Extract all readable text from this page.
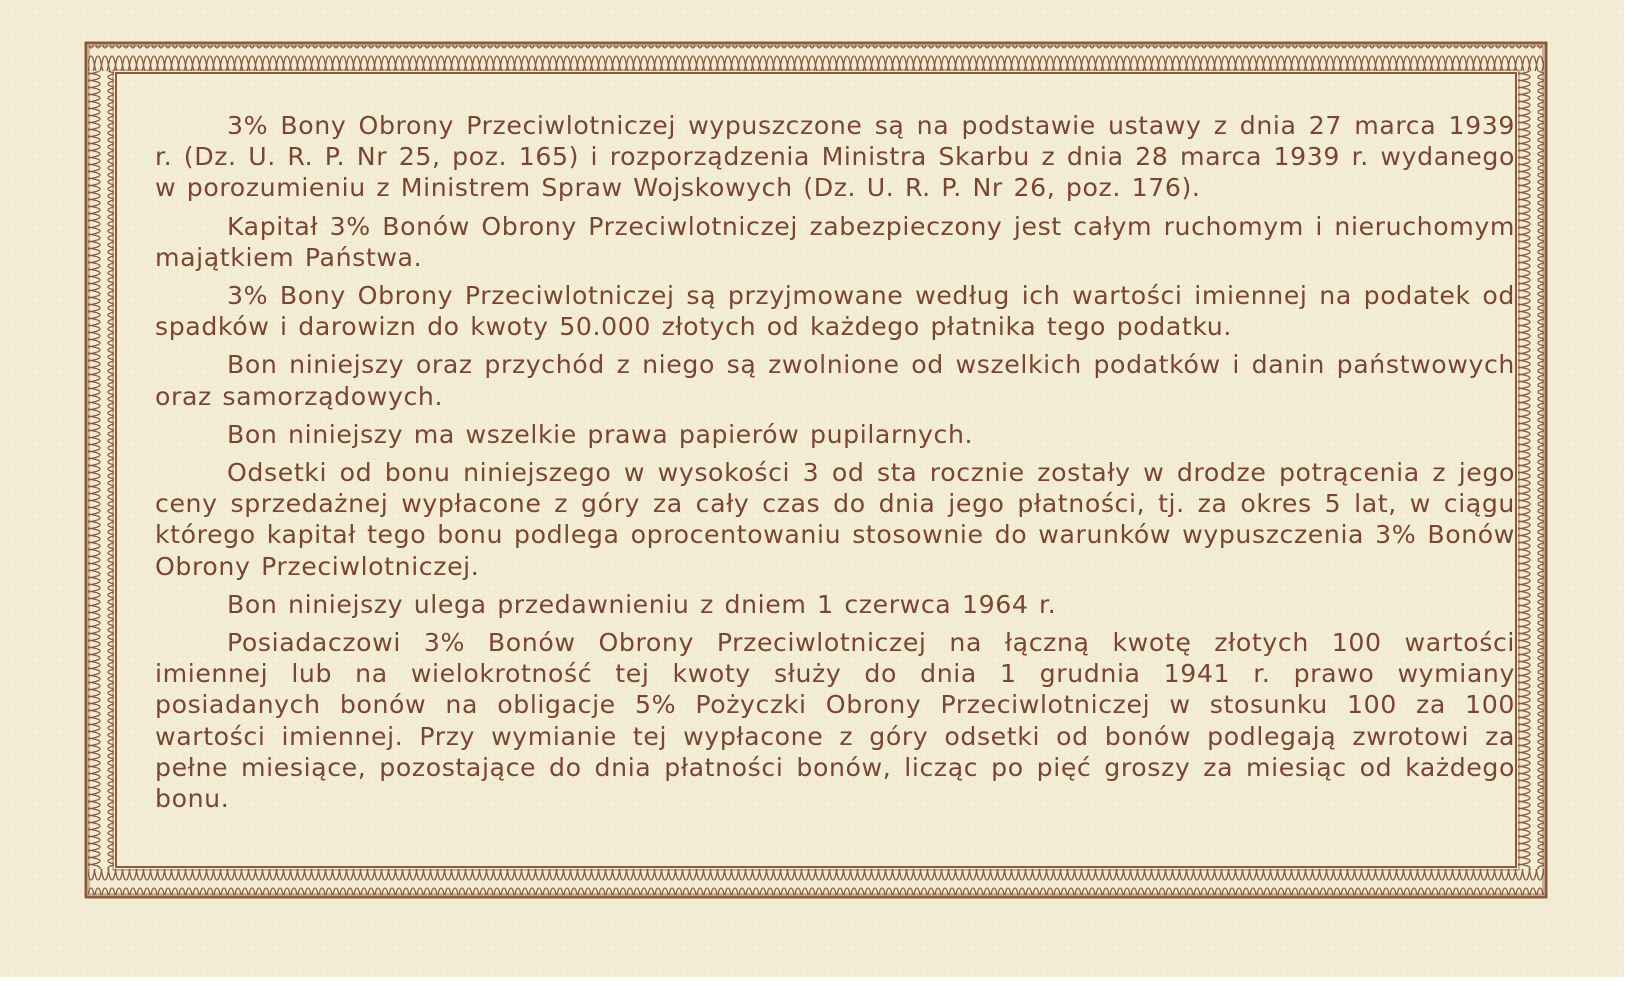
3% Bony Obrony Przeciwlotniczej wypuszczone są na podstawie ustawy z dnia 27 marca 1939 r. (Dz. U. R. P. Nr 25, poz. 165) i rozporządzenia Ministra Skarbu z dnia 28 marca 1939 r. wydanego w porozumieniu z Ministrem Spraw Wojskowych (Dz. U. R. P. Nr 26, poz. 176).

Kapitał 3% Bonów Obrony Przeciwlotniczej zabezpieczony jest całym ruchomym i nieruchomym majątkiem Państwa.

3% Bony Obrony Przeciwlotniczej są przyjmowane według ich wartości imiennej na podatek od spadków i darowizn do kwoty 50.000 złotych od każdego płatnika tego podatku.

Bon niniejszy oraz przychód z niego są zwolnione od wszelkich podatków i danin państwowych oraz samorządowych.

Bon niniejszy ma wszelkie prawa papierów pupilarnych.

Odsetki od bonu niniejszego w wysokości 3 od sta rocznie zostały w drodze potrącenia z jego ceny sprzedażnej wypłacone z góry za cały czas do dnia jego płatności, tj. za okres 5 lat, w ciągu którego kapitał tego bonu podlega oprocentowaniu stosownie do warunków wypuszczenia 3% Bonów Obrony Przeciwlotniczej.

Bon niniejszy ulega przedawnieniu z dniem 1 czerwca 1964 r.

Posiadaczowi 3% Bonów Obrony Przeciwlotniczej na łączną kwotę złotych 100 wartości imiennej lub na wielokrotność tej kwoty służy do dnia 1 grudnia 1941 r. prawo wymiany posiadanych bonów na obligacje 5% Pożyczki Obrony Przeciwlotniczej w stosunku 100 za 100 wartości imiennej. Przy wymianie tej wypłacone z góry odsetki od bonów podlegają zwrotowi za pełne miesiące, pozostające do dnia płatności bonów, licząc po pięć groszy za miesiąc od każdego bonu.
